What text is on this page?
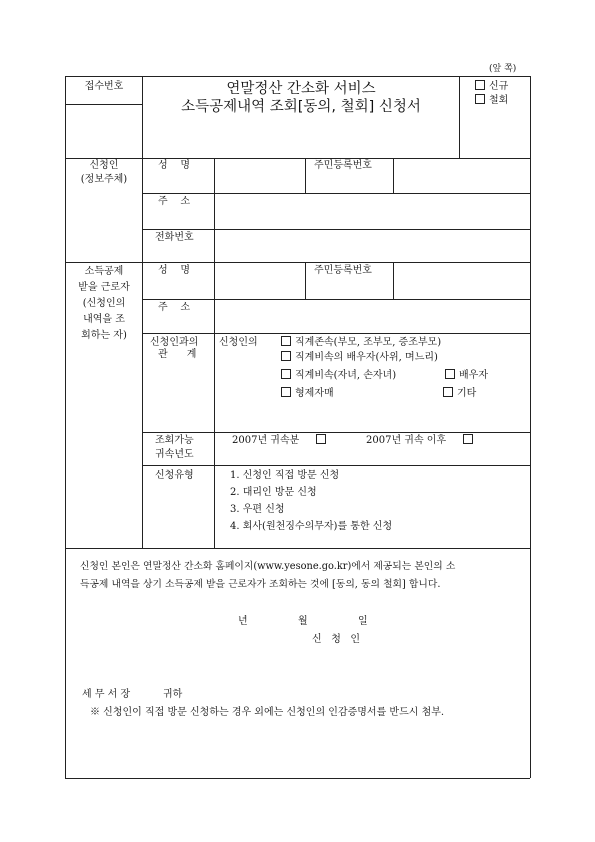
(앞 쪽)
접수번호	연말정산 간소화 서비스
소득공제내역 조회[동의, 철회] 신청서
신규
철회
신청인
(정보주체)
성    명	주민등록번호
주    소
전화번호
소득공제
받을 근로자
(신청인의
내역을 조
회하는 자)
성    명	주민등록번호
주    소
신청인과의
관      계
신청인의	직계존속(부모, 조부모, 증조부모)
직계비속의 배우자(사위, 며느리)
직계비속(자녀, 손자녀)	배우자
형제자매	기타
조회가능
귀속년도
2007년 귀속분	2007년 귀속 이후
신청유형	1. 신청인 직접 방문 신청
2. 대리인 방문 신청
3. 우편 신청
4. 회사(원천징수의무자)를 통한 신청
신청인 본인은 연말정산 간소화 홈페이지(www.yesone.go.kr)에서 제공되는 본인의 소
득공제 내역을 상기 소득공제 받을 근로자가 조회하는 것에 [동의, 동의 철회] 합니다.
년	월	일
신   청   인
세 무 서 장	귀하
※ 신청인이 직접 방문 신청하는 경우 외에는 신청인의 인감증명서를 반드시 첨부.
